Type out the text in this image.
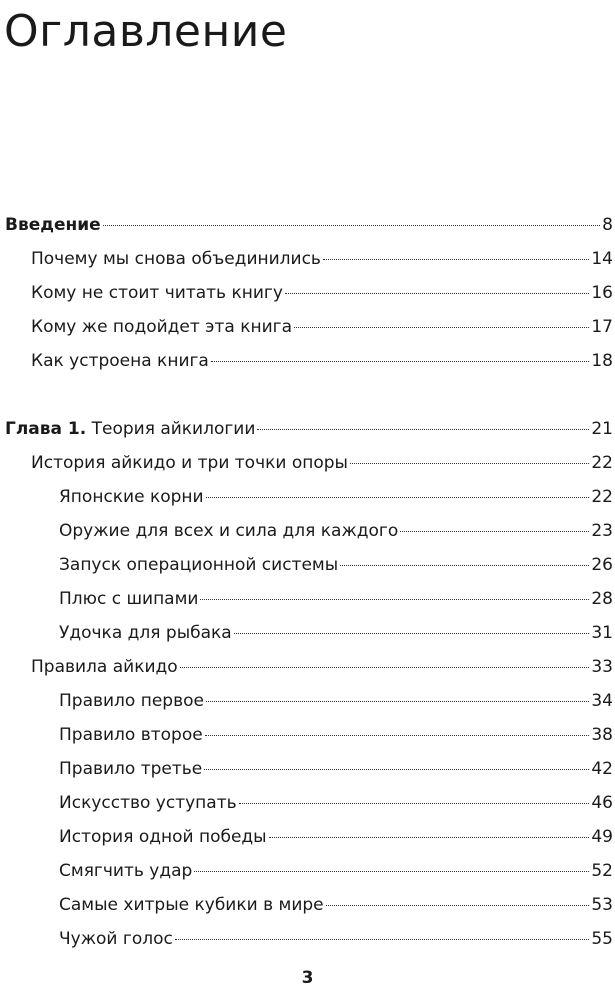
Оглавление
Введение	8
Почему мы снова объединились	14
Кому не стоит читать книгу	16
Кому же подойдет эта книга	17
Как устроена книга	18
Глава 1. Теория айкилогии	21
История айкидо и три точки опоры	22
Японские корни	22
Оружие для всех и сила для каждого	23
Запуск операционной системы	26
Плюс с шипами	28
Удочка для рыбака	31
Правила айкидо	33
Правило первое	34
Правило второе	38
Правило третье	42
Искусство уступать	46
История одной победы	49
Смягчить удар	52
Самые хитрые кубики в мире	53
Чужой голос	55
3
